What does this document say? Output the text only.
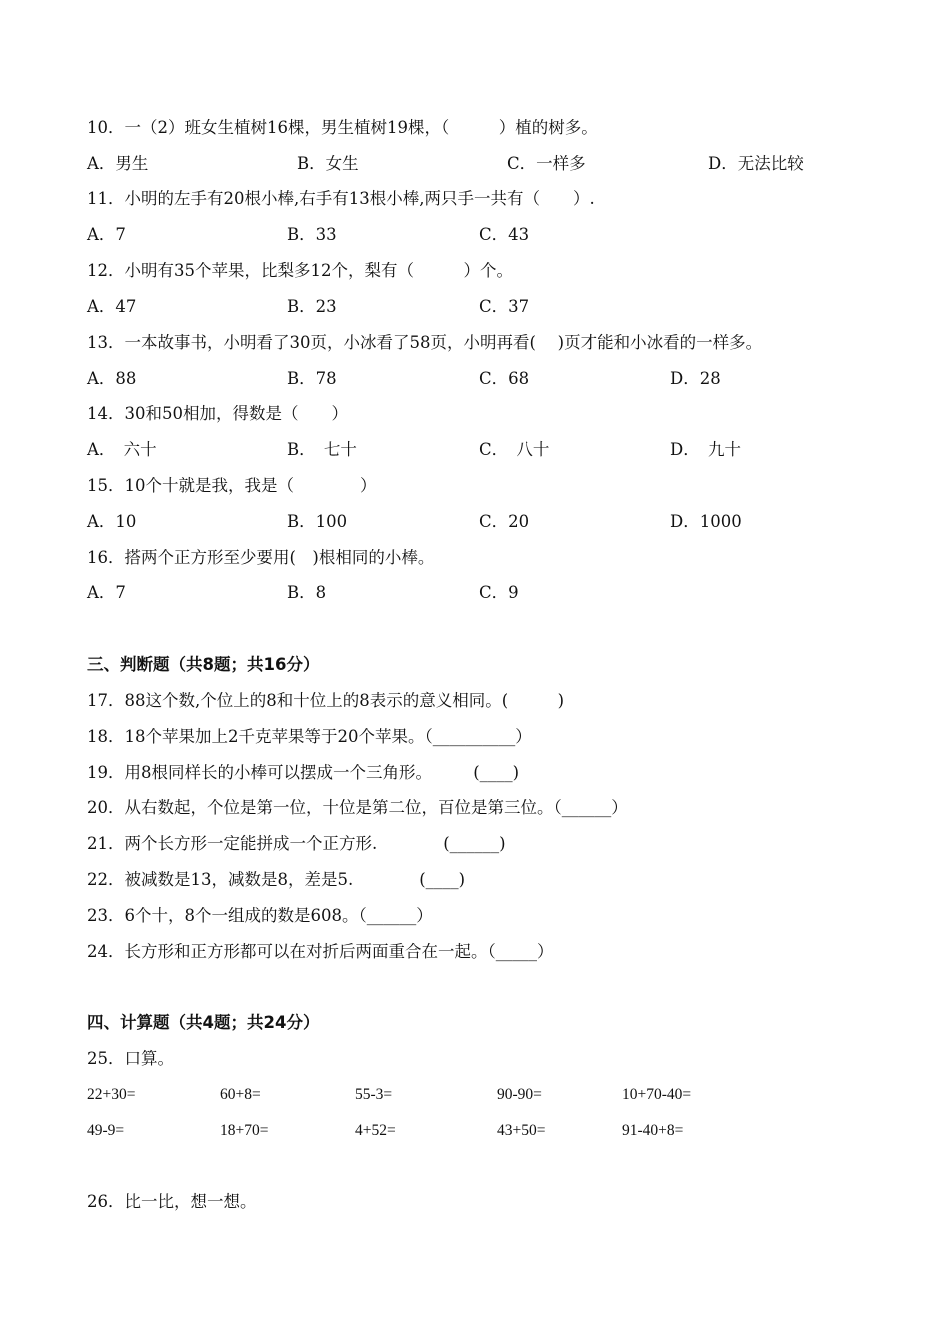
10．一（2）班女生植树16棵，男生植树19棵，（　　　）植的树多。
A．男生	B．女生	C．一样多	D．无法比较
11．小明的左手有20根小棒,右手有13根小棒,两只手一共有（　　）.
A．7	B．33	C．43
12．小明有35个苹果，比梨多12个，梨有（　　　）个。
A．47	B．23	C．37
13．一本故事书，小明看了30页，小冰看了58页，小明再看(　 )页才能和小冰看的一样多。
A．88	B．78	C．68	D．28
14．30和50相加，得数是（　　）
A．　六十	B．　七十	C．　八十	D．　九十
15．10个十就是我，我是（　　　　）
A．10	B．100	C．20	D．1000
16．搭两个正方形至少要用(　)根相同的小棒。
A．7	B．8	C．9
三、判断题（共8题；共16分）
17．88这个数,个位上的8和十位上的8表示的意义相同。(　　　)
18．18个苹果加上2千克苹果等于20个苹果。（__________）
19．用8根同样长的小棒可以摆成一个三角形。　　　(____)
20．从右数起，个位是第一位，十位是第二位，百位是第三位。（______）
21．两个长方形一定能拼成一个正方形.　　　　(______)
22．被减数是13，减数是8，差是5.　　　　(____)
23．6个十，8个一组成的数是608。（______）
24．长方形和正方形都可以在对折后两面重合在一起。（_____）
四、计算题（共4题；共24分）
25．口算。
22+30=	60+8=	55-3=	90-90=	10+70-40=
49-9=	18+70=	4+52=	43+50=	91-40+8=
26．比一比，想一想。
